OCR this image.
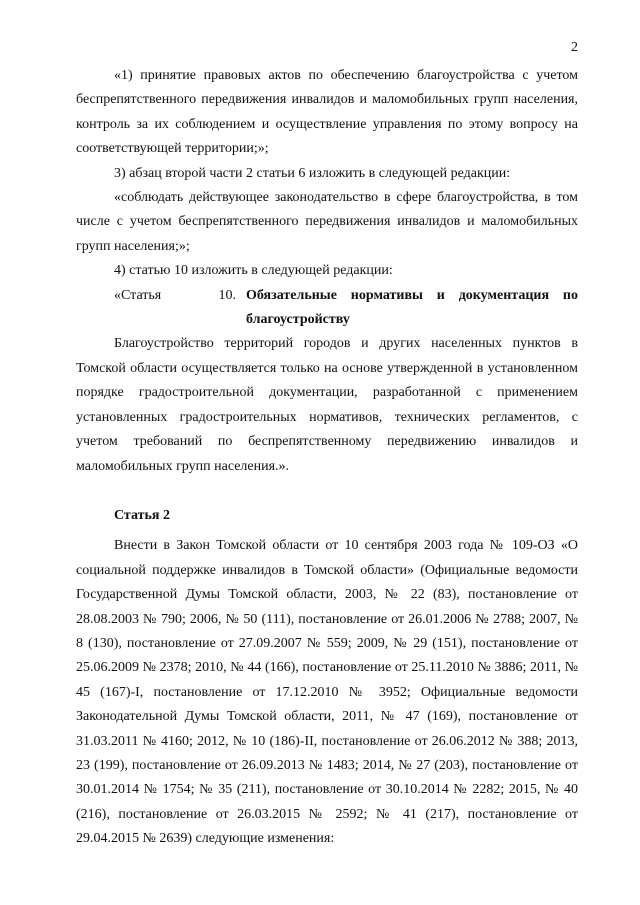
2

«1) принятие правовых актов по обеспечению благоустройства с учетом беспрепятственного передвижения инвалидов и маломобильных групп населения, контроль за их соблюдением и осуществление управления по этому вопросу на соответствующей территории;»;

3) абзац второй части 2 статьи 6 изложить в следующей редакции:

«соблюдать действующее законодательство в сфере благоустройства, в том числе с учетом беспрепятственного передвижения инвалидов и маломобильных групп населения;»;

4) статью 10 изложить в следующей редакции:

«Статья	10. Обязательные нормативы и документация по
благоустройству

Благоустройство территорий городов и других населенных пунктов в Томской области осуществляется только на основе утвержденной в установленном порядке градостроительной документации, разработанной с применением установленных градостроительных нормативов, технических регламентов, с учетом требований по беспрепятственному передвижению инвалидов и маломобильных групп населения.».

Статья 2

Внести в Закон Томской области от 10 сентября 2003 года № 109-ОЗ «О социальной поддержке инвалидов в Томской области» (Официальные ведомости Государственной Думы Томской области, 2003, № 22 (83), постановление от 28.08.2003 № 790; 2006, № 50 (111), постановление от 26.01.2006 № 2788; 2007, № 8 (130), постановление от 27.09.2007 № 559; 2009, № 29 (151), постановление от 25.06.2009 № 2378; 2010, № 44 (166), постановление от 25.11.2010 № 3886; 2011, № 45 (167)-I, постановление от 17.12.2010 № 3952; Официальные ведомости Законодательной Думы Томской области, 2011, № 47 (169), постановление от 31.03.2011 № 4160; 2012, № 10 (186)-II, постановление от 26.06.2012 № 388; 2013, 23 (199), постановление от 26.09.2013 № 1483; 2014, № 27 (203), постановление от 30.01.2014 № 1754; № 35 (211), постановление от 30.10.2014 № 2282; 2015, № 40 (216), постановление от 26.03.2015 № 2592; № 41 (217), постановление от 29.04.2015 № 2639) следующие изменения:
